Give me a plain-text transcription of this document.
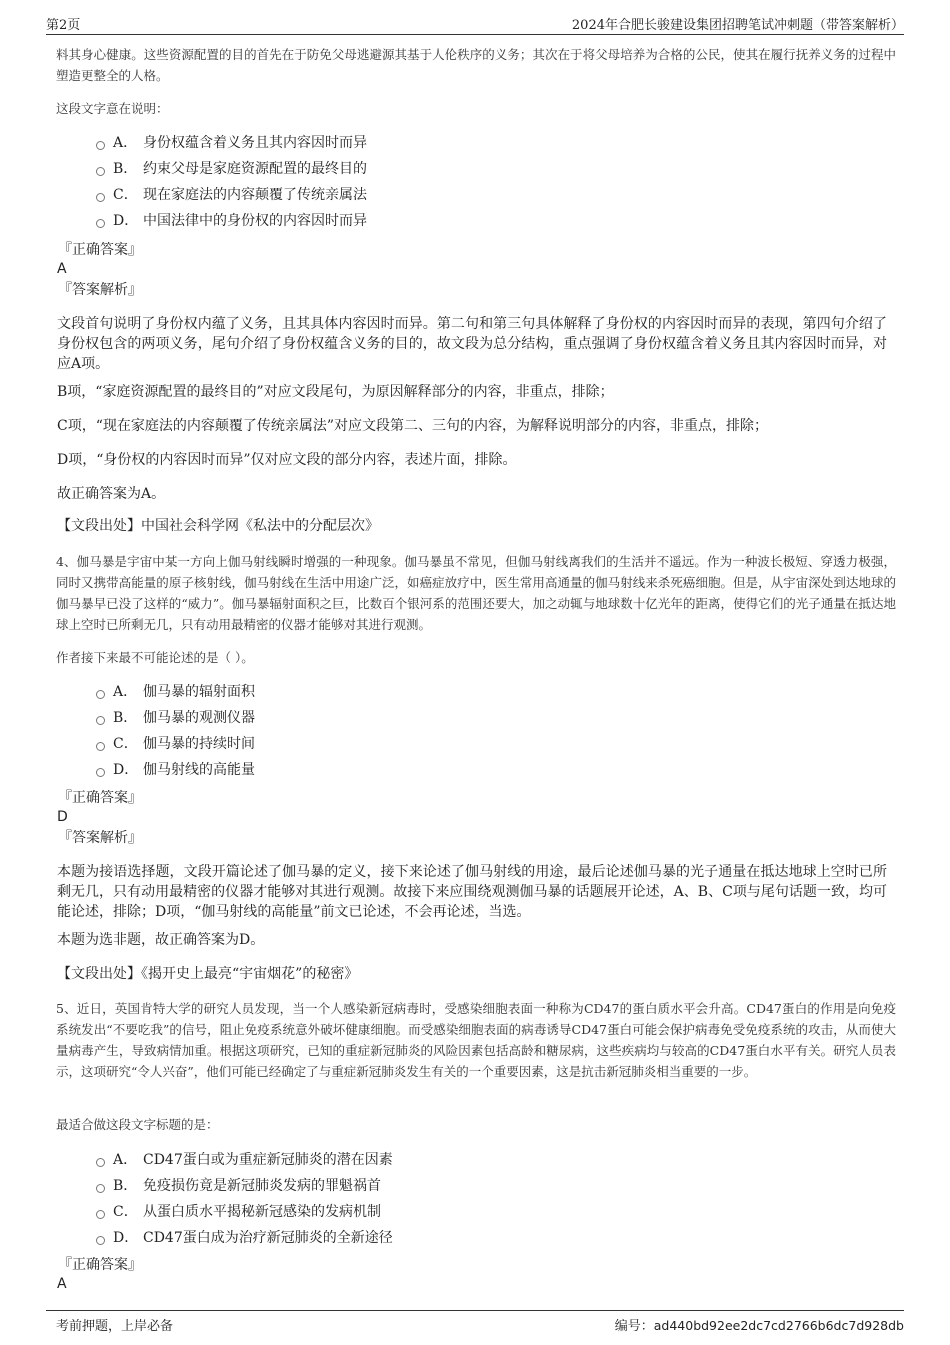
第2页	2024年合肥长骏建设集团招聘笔试冲刺题（带答案解析）

料其身心健康。这些资源配置的目的首先在于防免父母逃避源其基于人伦秩序的义务；其次在于将父母培养为合格的公民，使其在履行抚养义务的过程中塑造更整全的人格。

这段文字意在说明：

A． 身份权蕴含着义务且其内容因时而异
B． 约束父母是家庭资源配置的最终目的
C． 现在家庭法的内容颠覆了传统亲属法
D． 中国法律中的身份权的内容因时而异
『正确答案』
A
『答案解析』

文段首句说明了身份权内蕴了义务，且其具体内容因时而异。第二句和第三句具体解释了身份权的内容因时而异的表现，第四句介绍了身份权包含的两项义务，尾句介绍了身份权蕴含义务的目的，故文段为总分结构，重点强调了身份权蕴含着义务且其内容因时而异，对应A项。

B项，“家庭资源配置的最终目的”对应文段尾句，为原因解释部分的内容，非重点，排除；

C项，“现在家庭法的内容颠覆了传统亲属法”对应文段第二、三句的内容，为解释说明部分的内容，非重点，排除；

D项，“身份权的内容因时而异”仅对应文段的部分内容，表述片面，排除。

故正确答案为A。

【文段出处】中国社会科学网《私法中的分配层次》

4、伽马暴是宇宙中某一方向上伽马射线瞬时增强的一种现象。伽马暴虽不常见，但伽马射线离我们的生活并不遥远。作为一种波长极短、穿透力极强，同时又携带高能量的原子核射线，伽马射线在生活中用途广泛，如癌症放疗中，医生常用高通量的伽马射线来杀死癌细胞。但是，从宇宙深处到达地球的伽马暴早已没了这样的“威力”。伽马暴辐射面积之巨，比数百个银河系的范围还要大，加之动辄与地球数十亿光年的距离，使得它们的光子通量在抵达地球上空时已所剩无几，只有动用最精密的仪器才能够对其进行观测。

作者接下来最不可能论述的是（ ）。

A． 伽马暴的辐射面积
B． 伽马暴的观测仪器
C． 伽马暴的持续时间
D． 伽马射线的高能量
『正确答案』
D
『答案解析』

本题为接语选择题，文段开篇论述了伽马暴的定义，接下来论述了伽马射线的用途，最后论述伽马暴的光子通量在抵达地球上空时已所剩无几，只有动用最精密的仪器才能够对其进行观测。故接下来应围绕观测伽马暴的话题展开论述，A、B、C项与尾句话题一致，均可能论述，排除；D项，“伽马射线的高能量”前文已论述，不会再论述，当选。

本题为选非题，故正确答案为D。

【文段出处】《揭开史上最亮“宇宙烟花”的秘密》

5、近日，英国肯特大学的研究人员发现，当一个人感染新冠病毒时，受感染细胞表面一种称为CD47的蛋白质水平会升高。CD47蛋白的作用是向免疫系统发出“不要吃我”的信号，阻止免疫系统意外破坏健康细胞。而受感染细胞表面的病毒诱导CD47蛋白可能会保护病毒免受免疫系统的攻击，从而使大量病毒产生，导致病情加重。根据这项研究，已知的重症新冠肺炎的风险因素包括高龄和糖尿病，这些疾病均与较高的CD47蛋白水平有关。研究人员表示，这项研究“令人兴奋”，他们可能已经确定了与重症新冠肺炎发生有关的一个重要因素，这是抗击新冠肺炎相当重要的一步。

最适合做这段文字标题的是：

A． CD47蛋白或为重症新冠肺炎的潜在因素
B． 免疫损伤竟是新冠肺炎发病的罪魁祸首
C． 从蛋白质水平揭秘新冠感染的发病机制
D． CD47蛋白成为治疗新冠肺炎的全新途径
『正确答案』
A
考前押题，上岸必备	编号：ad440bd92ee2dc7cd2766b6dc7d928db
